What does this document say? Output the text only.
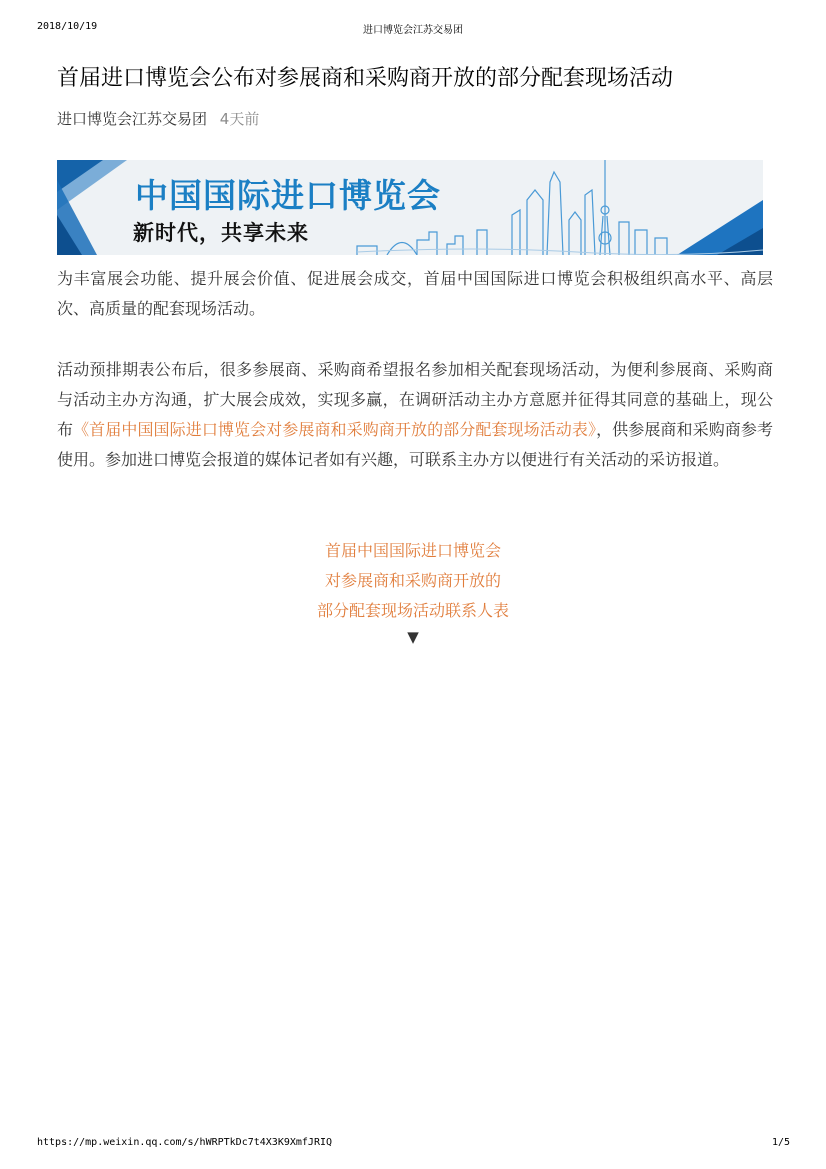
2018/10/19	进口博览会江苏交易团
首届进口博览会公布对参展商和采购商开放的部分配套现场活动
进口博览会江苏交易团 4天前
中国国际进口博览会
新时代，共享未来

为丰富展会功能、提升展会价值、促进展会成交，首届中国国际进口博览会积极组织高水平、高层次、高质量的配套现场活动。

活动预排期表公布后，很多参展商、采购商希望报名参加相关配套现场活动，为便利参展商、采购商与活动主办方沟通，扩大展会成效，实现多赢，在调研活动主办方意愿并征得其同意的基础上，现公布《首届中国国际进口博览会对参展商和采购商开放的部分配套现场活动表》，供参展商和采购商参考使用。参加进口博览会报道的媒体记者如有兴趣，可联系主办方以便进行有关活动的采访报道。

首届中国国际进口博览会
对参展商和采购商开放的
部分配套现场活动联系人表
▼
https://mp.weixin.qq.com/s/hWRPTkDc7t4X3K9XmfJRIQ	1/5
